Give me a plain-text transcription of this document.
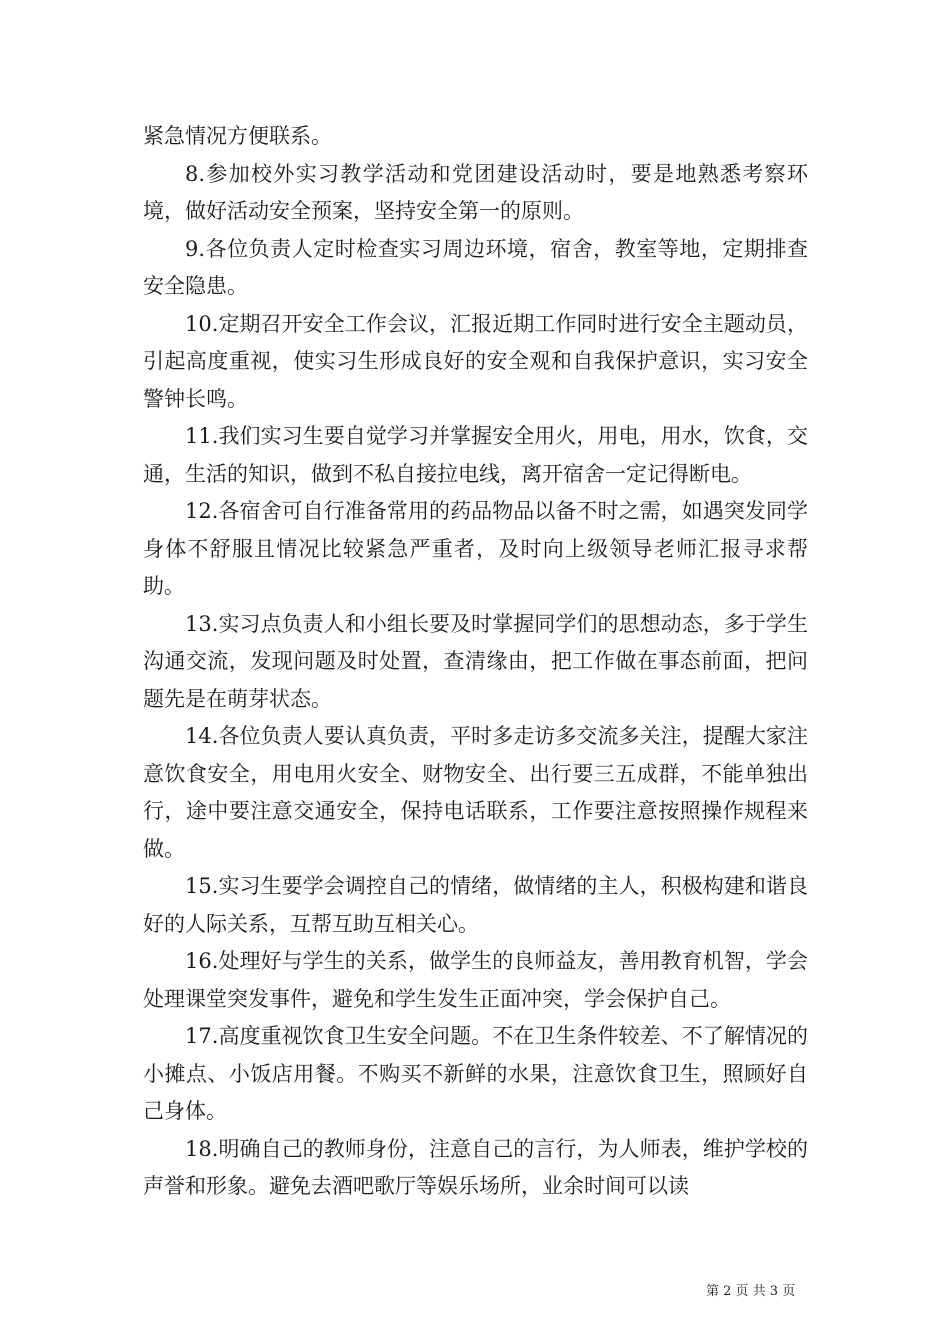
紧急情况方便联系。

8.参加校外实习教学活动和党团建设活动时，要是地熟悉考察环境，做好活动安全预案，坚持安全第一的原则。

9.各位负责人定时检查实习周边环境，宿舍，教室等地，定期排查安全隐患。

10.定期召开安全工作会议，汇报近期工作同时进行安全主题动员，引起高度重视，使实习生形成良好的安全观和自我保护意识，实习安全警钟长鸣。

11.我们实习生要自觉学习并掌握安全用火，用电，用水，饮食，交通，生活的知识，做到不私自接拉电线，离开宿舍一定记得断电。

12.各宿舍可自行准备常用的药品物品以备不时之需，如遇突发同学身体不舒服且情况比较紧急严重者，及时向上级领导老师汇报寻求帮助。

13.实习点负责人和小组长要及时掌握同学们的思想动态，多于学生沟通交流，发现问题及时处置，查清缘由，把工作做在事态前面，把问题先是在萌芽状态。

14.各位负责人要认真负责，平时多走访多交流多关注，提醒大家注意饮食安全，用电用火安全、财物安全、出行要三五成群，不能单独出行，途中要注意交通安全，保持电话联系，工作要注意按照操作规程来做。

15.实习生要学会调控自己的情绪，做情绪的主人，积极构建和谐良好的人际关系，互帮互助互相关心。

16.处理好与学生的关系，做学生的良师益友，善用教育机智，学会处理课堂突发事件，避免和学生发生正面冲突，学会保护自己。

17.高度重视饮食卫生安全问题。不在卫生条件较差、不了解情况的小摊点、小饭店用餐。不购买不新鲜的水果，注意饮食卫生，照顾好自己身体。

18.明确自己的教师身份，注意自己的言行，为人师表，维护学校的声誉和形象。避免去酒吧歌厅等娱乐场所，业余时间可以读

第 2 页 共 3 页
